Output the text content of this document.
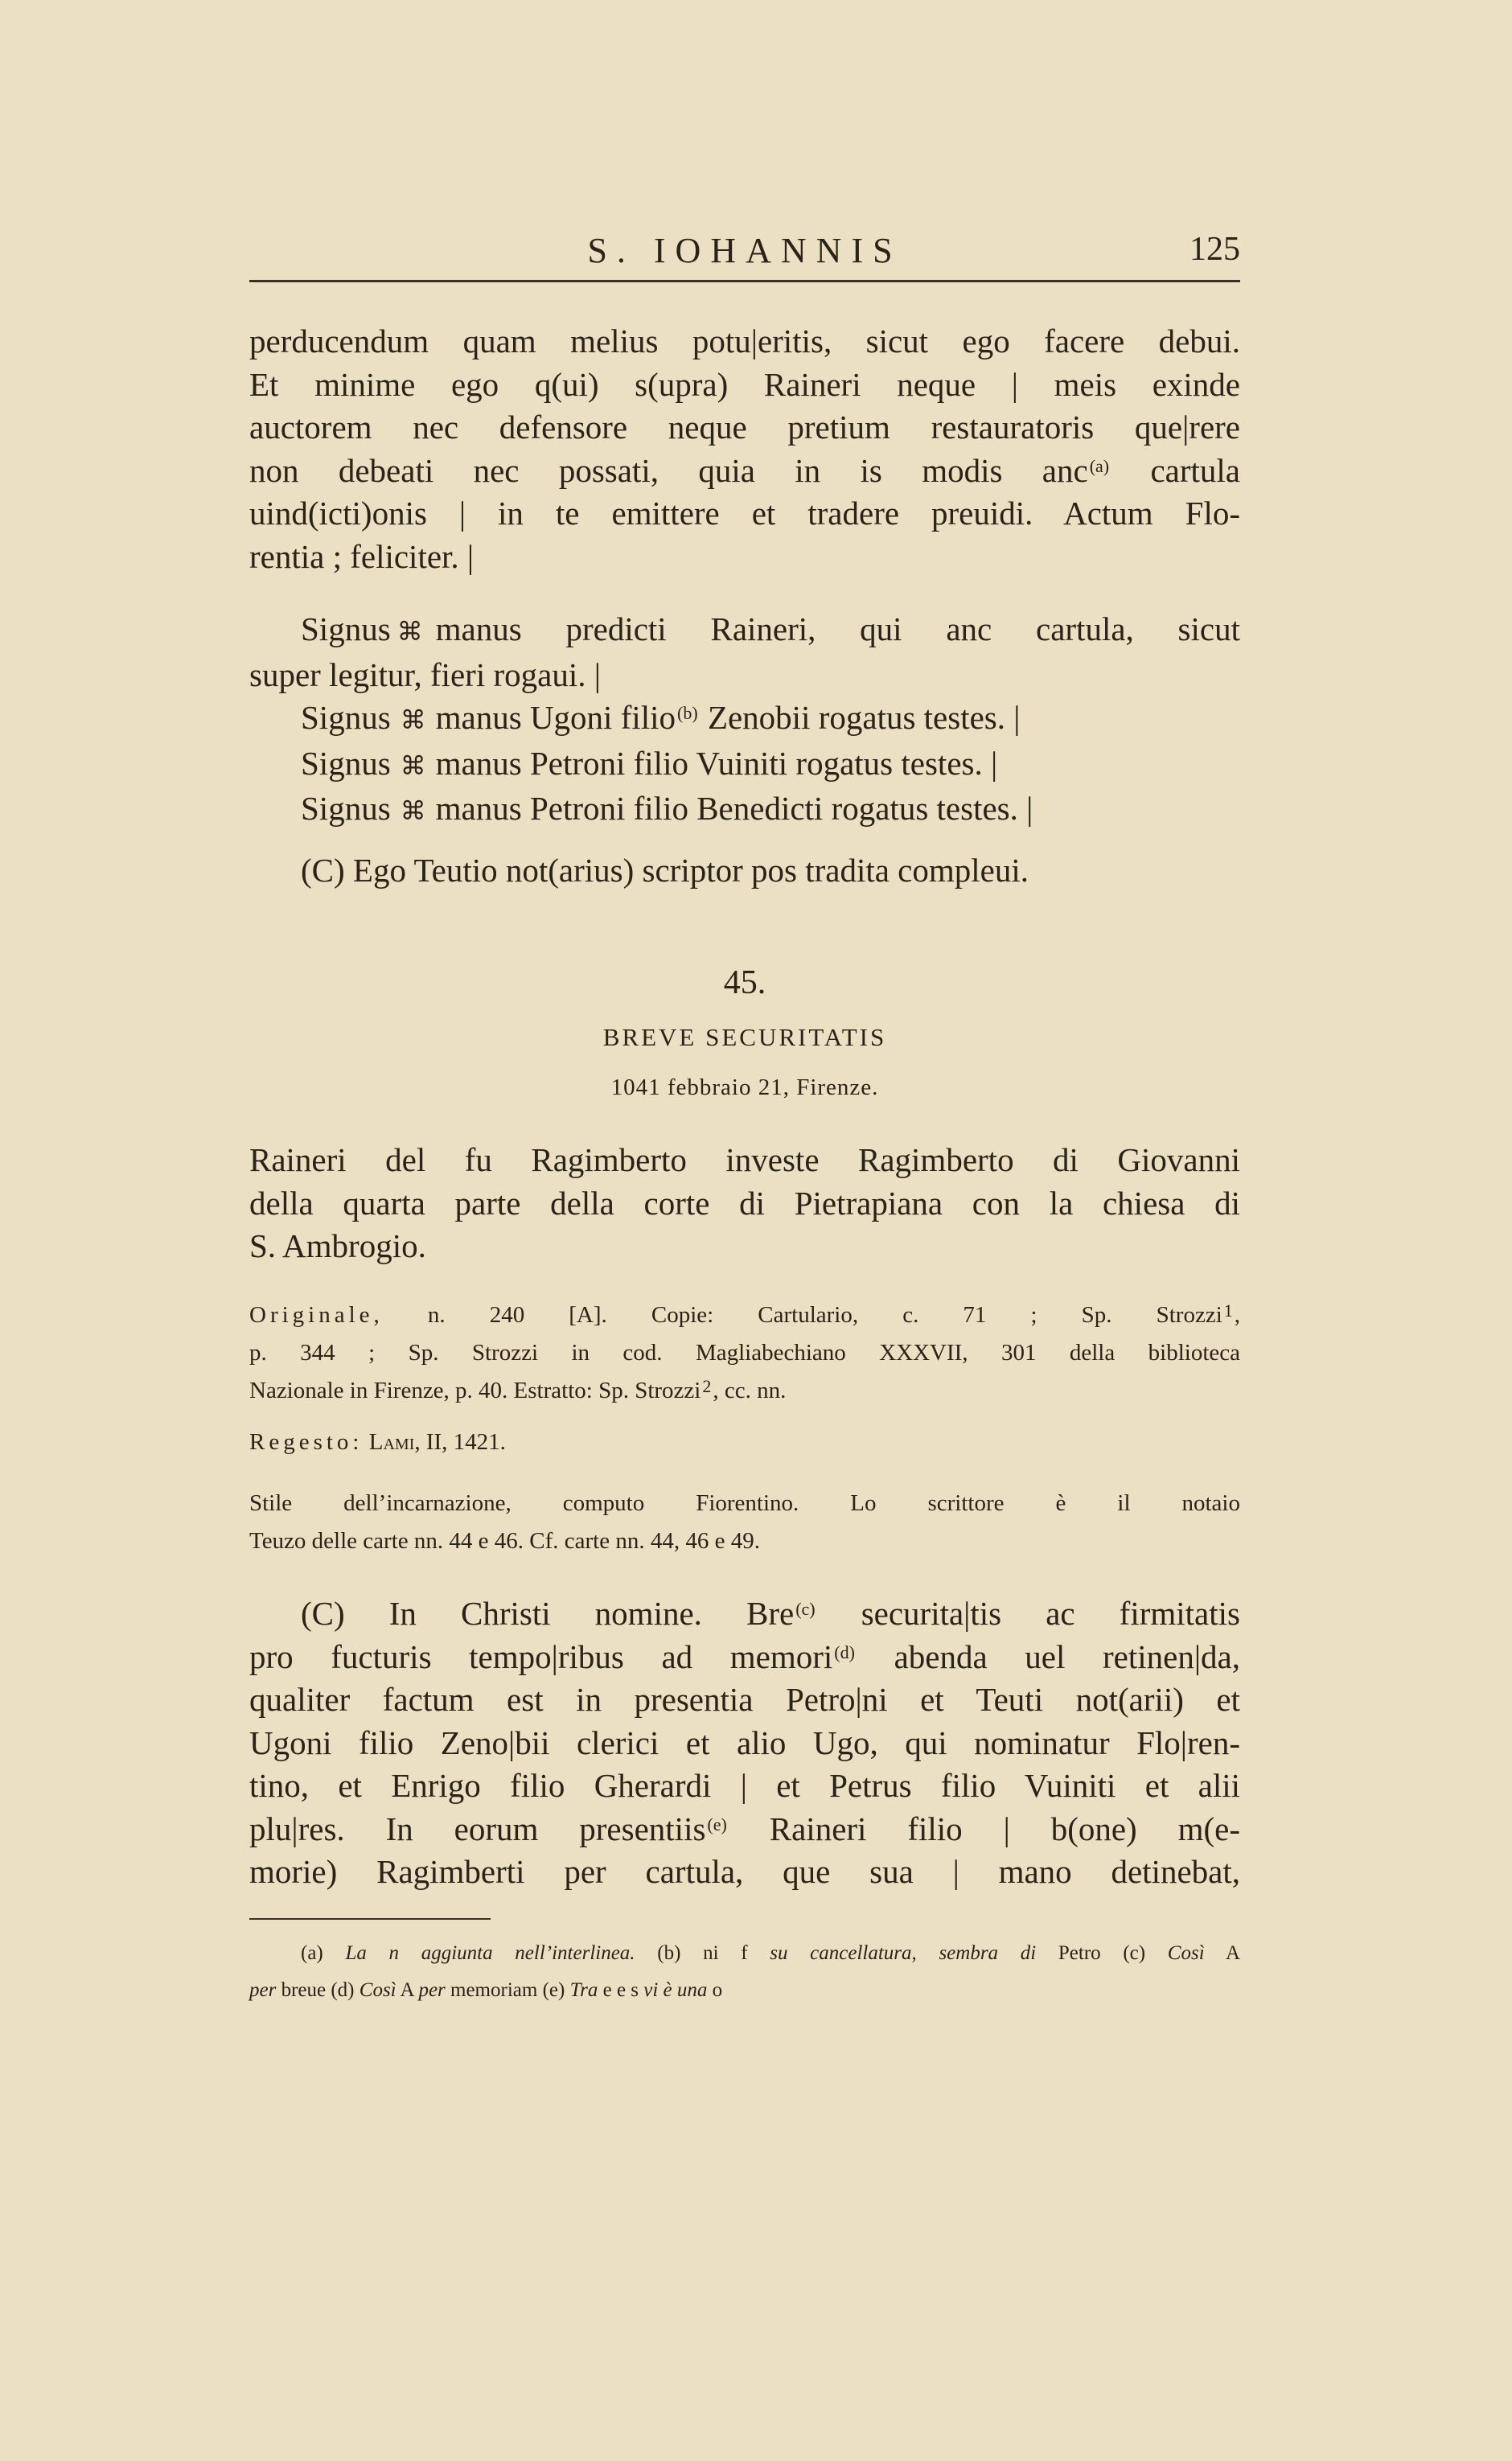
S. IOHANNIS	125
perducendum quam melius potu|eritis, sicut ego facere debui.
Et minime ego q(ui) s(upra) Raineri neque | meis exinde
auctorem nec defensore neque pretium restauratoris que|rere
non debeati nec possati, quia in is modis anc$^{(a)}$ cartula
uind(icti)onis | in te emittere et tradere preuidi. Actum Flo-
rentia ; feliciter. |
Signus ⌘ manus predicti Raineri, qui anc cartula, sicut
super legitur, fieri rogaui. |
Signus ⌘ manus Ugoni filio$^{(b)}$ Zenobii rogatus testes. |
Signus ⌘ manus Petroni filio Vuiniti rogatus testes. |
Signus ⌘ manus Petroni filio Benedicti rogatus testes. |
(C) Ego Teutio not(arius) scriptor pos tradita compleui.
45.
BREVE SECURITATIS
1041 febbraio 21, Firenze.
Raineri del fu Ragimberto investe Ragimberto di Giovanni
della quarta parte della corte di Pietrapiana con la chiesa di
S. Ambrogio.
Originale, n. 240 [A]. Copie: Cartulario, c. 71 ; Sp. Strozzi$^1$,
p. 344 ; Sp. Strozzi in cod. Magliabechiano XXXVII, 301 della biblioteca
Nazionale in Firenze, p. 40. Estratto: Sp. Strozzi$^2$, cc. nn.
Regesto: Lami, II, 1421.
Stile dell’incarnazione, computo Fiorentino. Lo scrittore è il notaio
Teuzo delle carte nn. 44 e 46. Cf. carte nn. 44, 46 e 49.
(C) In Christi nomine. Bre$^{(c)}$ securita|tis ac firmitatis
pro fucturis tempo|ribus ad memori$^{(d)}$ abenda uel retinen|da,
qualiter factum est in presentia Petro|ni et Teuti not(arii) et
Ugoni filio Zeno|bii clerici et alio Ugo, qui nominatur Flo|ren-
tino, et Enrigo filio Gherardi | et Petrus filio Vuiniti et alii
plu|res. In eorum presentiis$^{(e)}$ Raineri filio | b(one) m(e-
morie) Ragimberti per cartula, que sua | mano detinebat,
(a) La n aggiunta nell’interlinea. (b) ni f su cancellatura, sembra di Petro (c) Così A
per breue (d) Così A per memoriam (e) Tra e e s vi è una o
